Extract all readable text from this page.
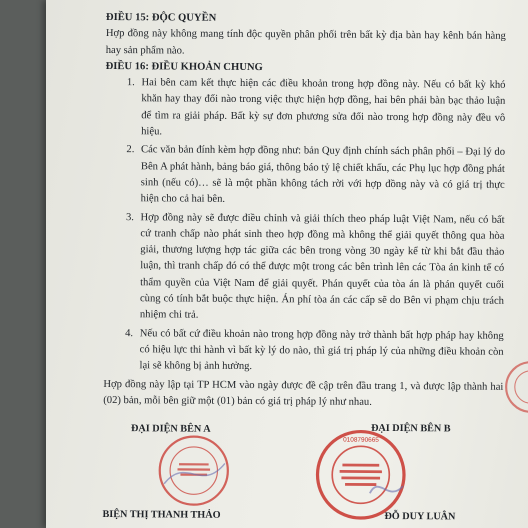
ĐIỀU 15: ĐỘC QUYỀN

Hợp đồng này không mang tính độc quyền phân phối trên bất kỳ địa bàn hay kênh bán hàng hay sản phẩm nào.

ĐIỀU 16: ĐIỀU KHOẢN CHUNG

1. Hai bên cam kết thực hiện các điều khoản trong hợp đồng này. Nếu có bất kỳ khó khăn hay thay đổi nào trong việc thực hiện hợp đồng, hai bên phải bàn bạc thảo luận để tìm ra giải pháp. Bất kỳ sự đơn phương sửa đổi nào trong hợp đồng này đều vô hiệu.
2. Các văn bản đính kèm hợp đồng như: bản Quy định chính sách phân phối – Đại lý do Bên A phát hành, bảng báo giá, thông báo tỷ lệ chiết khấu, các Phụ lục hợp đồng phát sinh (nếu có)… sẽ là một phần không tách rời với hợp đồng này và có giá trị thực hiện cho cả hai bên.
3. Hợp đồng này sẽ được điều chỉnh và giải thích theo pháp luật Việt Nam, nếu có bất cứ tranh chấp nào phát sinh theo hợp đồng mà không thể giải quyết thông qua hòa giải, thương lượng hợp tác giữa các bên trong vòng 30 ngày kể từ khi bắt đầu thảo luận, thì tranh chấp đó có thể được một trong các bên trình lên các Tòa án kinh tế có thẩm quyền của Việt Nam để giải quyết. Phán quyết của tòa án là phán quyết cuối cùng có tính bắt buộc thực hiện. Án phí tòa án các cấp sẽ do Bên vi phạm chịu trách nhiệm chi trả.
4. Nếu có bất cứ điều khoản nào trong hợp đồng này trở thành bất hợp pháp hay không có hiệu lực thi hành vì bất kỳ lý do nào, thì giá trị pháp lý của những điều khoản còn lại sẽ không bị ảnh hưởng.

Hợp đồng này lập tại TP HCM vào ngày được đề cập trên đầu trang 1, và được lập thành hai (02) bản, mỗi bên giữ một (01) bản có giá trị pháp lý như nhau.

ĐẠI DIỆN BÊN A	ĐẠI DIỆN BÊN B
0108790665
BIỆN THỊ THANH THẢO	ĐỖ DUY LUÂN
